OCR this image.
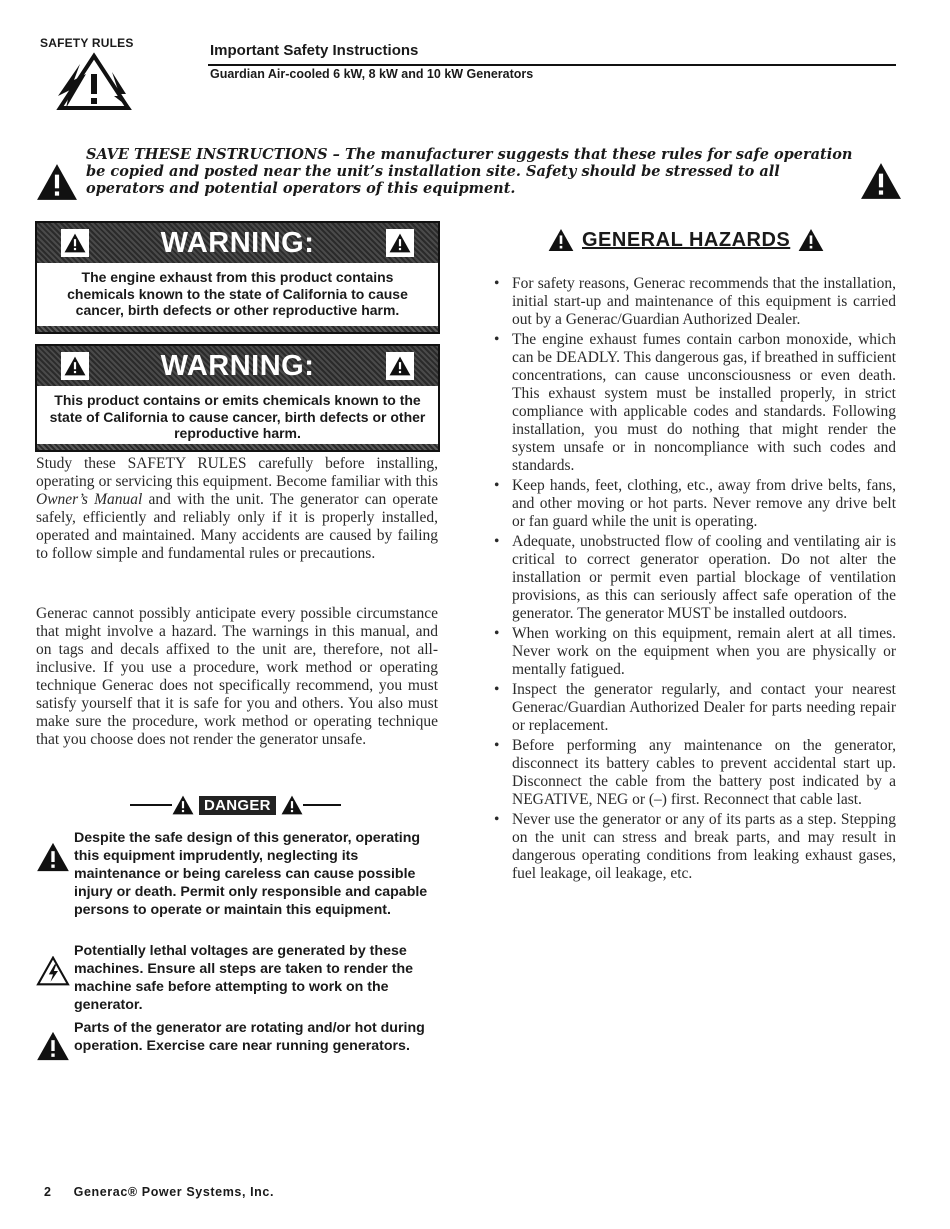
SAFETY RULES	Important Safety Instructions
Guardian Air-cooled 6 kW, 8 kW and 10 kW Generators
SAVE THESE INSTRUCTIONS – The manufacturer suggests that these rules for safe operation be copied and posted near the unit’s installation site. Safety should be stressed to all operators and potential operators of this equipment.
WARNING:
The engine exhaust from this product contains chemicals known to the state of California to cause cancer, birth defects or other reproductive harm.
WARNING:
This product contains or emits chemicals known to the state of California to cause cancer, birth defects or other reproductive harm.

Study these SAFETY RULES carefully before installing, operating or servicing this equipment. Become familiar with this Owner’s Manual and with the unit. The generator can operate safely, efficiently and reliably only if it is properly installed, operated and maintained. Many accidents are caused by failing to follow simple and fundamental rules or precautions.

Generac cannot possibly anticipate every possible circumstance that might involve a hazard. The warnings in this manual, and on tags and decals affixed to the unit are, therefore, not all-inclusive. If you use a procedure, work method or operating technique Generac does not specifically recommend, you must satisfy yourself that it is safe for you and others. You also must make sure the procedure, work method or operating technique that you choose does not render the generator unsafe.

DANGER
Despite the safe design of this generator, operating this equipment imprudently, neglecting its maintenance or being careless can cause possible injury or death. Permit only responsible and capable persons to operate or maintain this equipment.
Potentially lethal voltages are generated by these machines. Ensure all steps are taken to render the machine safe before attempting to work on the generator.
Parts of the generator are rotating and/or hot during operation. Exercise care near running generators.
GENERAL HAZARDS
• For safety reasons, Generac recommends that the installation, initial start-up and maintenance of this equipment is carried out by a Generac/Guardian Authorized Dealer.
• The engine exhaust fumes contain carbon monoxide, which can be DEADLY. This dangerous gas, if breathed in sufficient concentrations, can cause unconsciousness or even death. This exhaust system must be installed properly, in strict compliance with applicable codes and standards. Following installation, you must do nothing that might render the system unsafe or in noncompliance with such codes and standards.
• Keep hands, feet, clothing, etc., away from drive belts, fans, and other moving or hot parts. Never remove any drive belt or fan guard while the unit is operating.
• Adequate, unobstructed flow of cooling and ventilating air is critical to correct generator operation. Do not alter the installation or permit even partial blockage of ventilation provisions, as this can seriously affect safe operation of the generator. The generator MUST be installed outdoors.
• When working on this equipment, remain alert at all times. Never work on the equipment when you are physically or mentally fatigued.
• Inspect the generator regularly, and contact your nearest Generac/Guardian Authorized Dealer for parts needing repair or replacement.
• Before performing any maintenance on the generator, disconnect its battery cables to prevent accidental start up. Disconnect the cable from the battery post indicated by a NEGATIVE, NEG or (–) first. Reconnect that cable last.
• Never use the generator or any of its parts as a step. Stepping on the unit can stress and break parts, and may result in dangerous operating conditions from leaking exhaust gases, fuel leakage, oil leakage, etc.
2 Generac® Power Systems, Inc.
